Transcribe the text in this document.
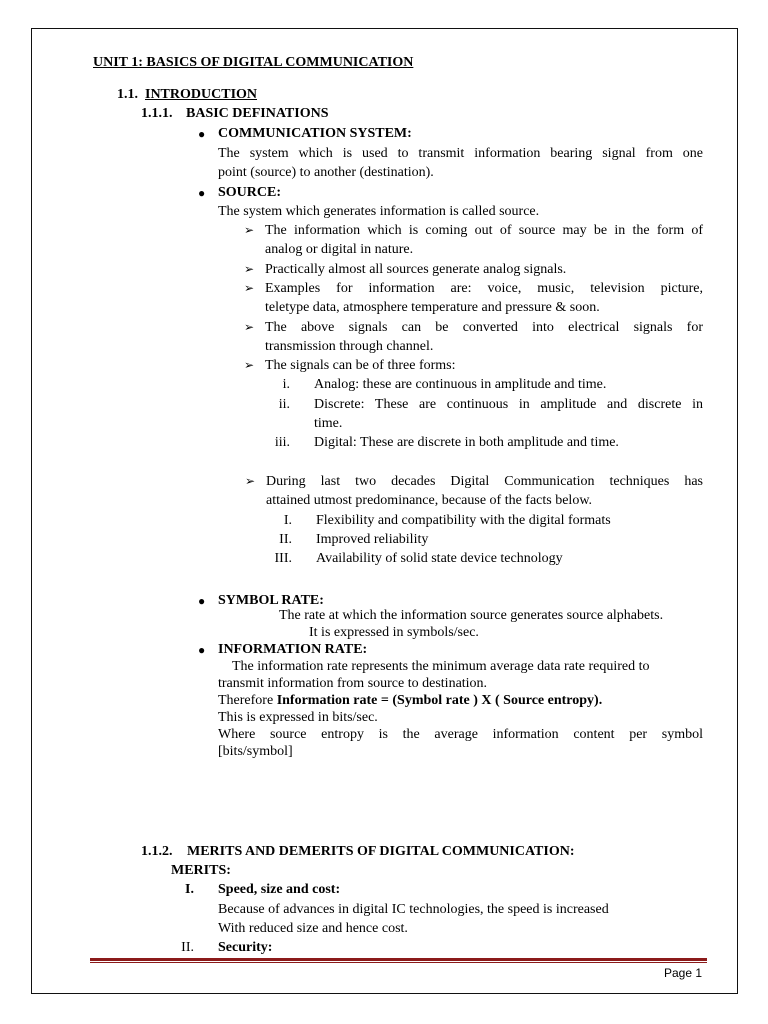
UNIT 1: BASICS OF DIGITAL COMMUNICATION
1.1. INTRODUCTION
1.1.1. BASIC DEFINATIONS
● COMMUNICATION SYSTEM:
The system which is used to transmit information bearing signal from one
point (source) to another (destination).
● SOURCE:
The system which generates information is called source.
➢ The information which is coming out of source may be in the form of
analog or digital in nature.
➢ Practically almost all sources generate analog signals.
➢ Examples for information are: voice, music, television picture,
teletype data, atmosphere temperature and pressure & soon.
➢ The above signals can be converted into electrical signals for
transmission through channel.
➢ The signals can be of three forms:
i. Analog: these are continuous in amplitude and time.
ii. Discrete: These are continuous in amplitude and discrete in
time.
iii. Digital: These are discrete in both amplitude and time.
➢ During last two decades Digital Communication techniques has
attained utmost predominance, because of the facts below.
I. Flexibility and compatibility with the digital formats
II. Improved reliability
III. Availability of solid state device technology
● SYMBOL RATE:
The rate at which the information source generates source alphabets.
It is expressed in symbols/sec.
● INFORMATION RATE:
The information rate represents the minimum average data rate required to
transmit information from source to destination.
Therefore Information rate = (Symbol rate ) X ( Source entropy).
This is expressed in bits/sec.
Where source entropy is the average information content per symbol
[bits/symbol]
1.1.2. MERITS AND DEMERITS OF DIGITAL COMMUNICATION:
MERITS:
I. Speed, size and cost:
Because of advances in digital IC technologies, the speed is increased
With reduced size and hence cost.
II. Security:
Page 1
